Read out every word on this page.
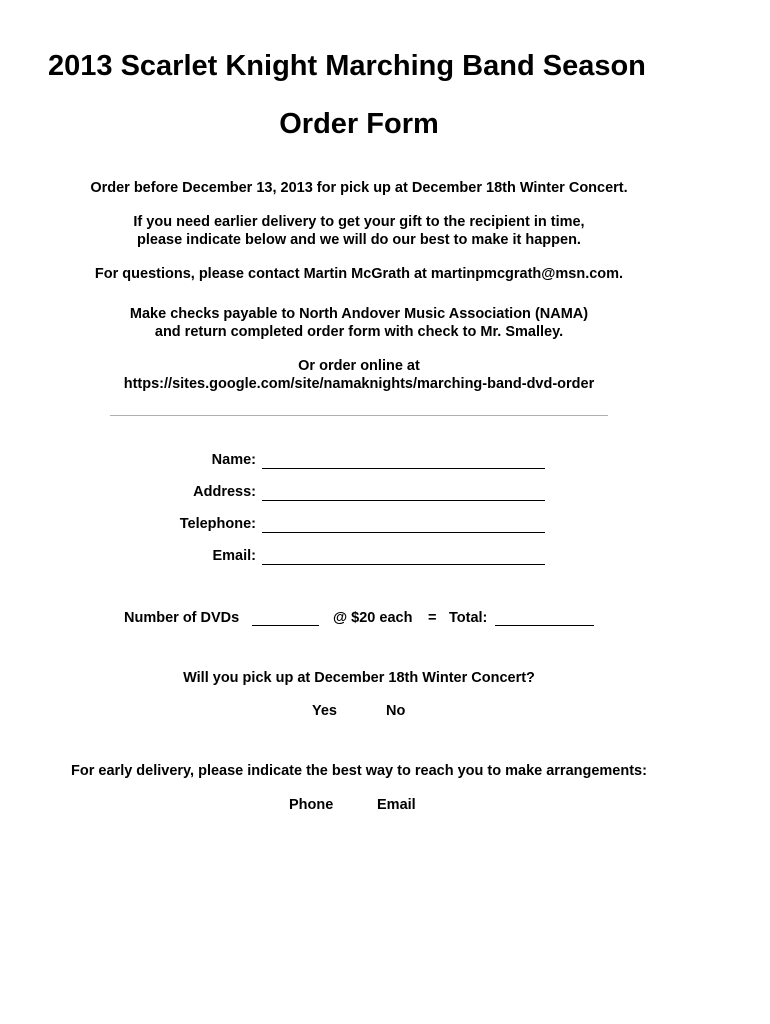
2013 Scarlet Knight Marching Band Season
Order Form
Order before December 13, 2013 for pick up at December 18th Winter Concert.
If you need earlier delivery to get your gift to the recipient in time,
please indicate below and we will do our best to make it happen.
For questions, please contact Martin McGrath at martinpmcgrath@msn.com.
Make checks payable to North Andover Music Association (NAMA)
and return completed order form with check to Mr. Smalley.
Or order online at
https://sites.google.com/site/namaknights/marching-band-dvd-order
Name:
Address:
Telephone:
Email:
Number of DVDs	@ $20 each = Total:
Will you pick up at December 18th Winter Concert?
Yes	No
For early delivery, please indicate the best way to reach you to make arrangements:
Phone	Email
